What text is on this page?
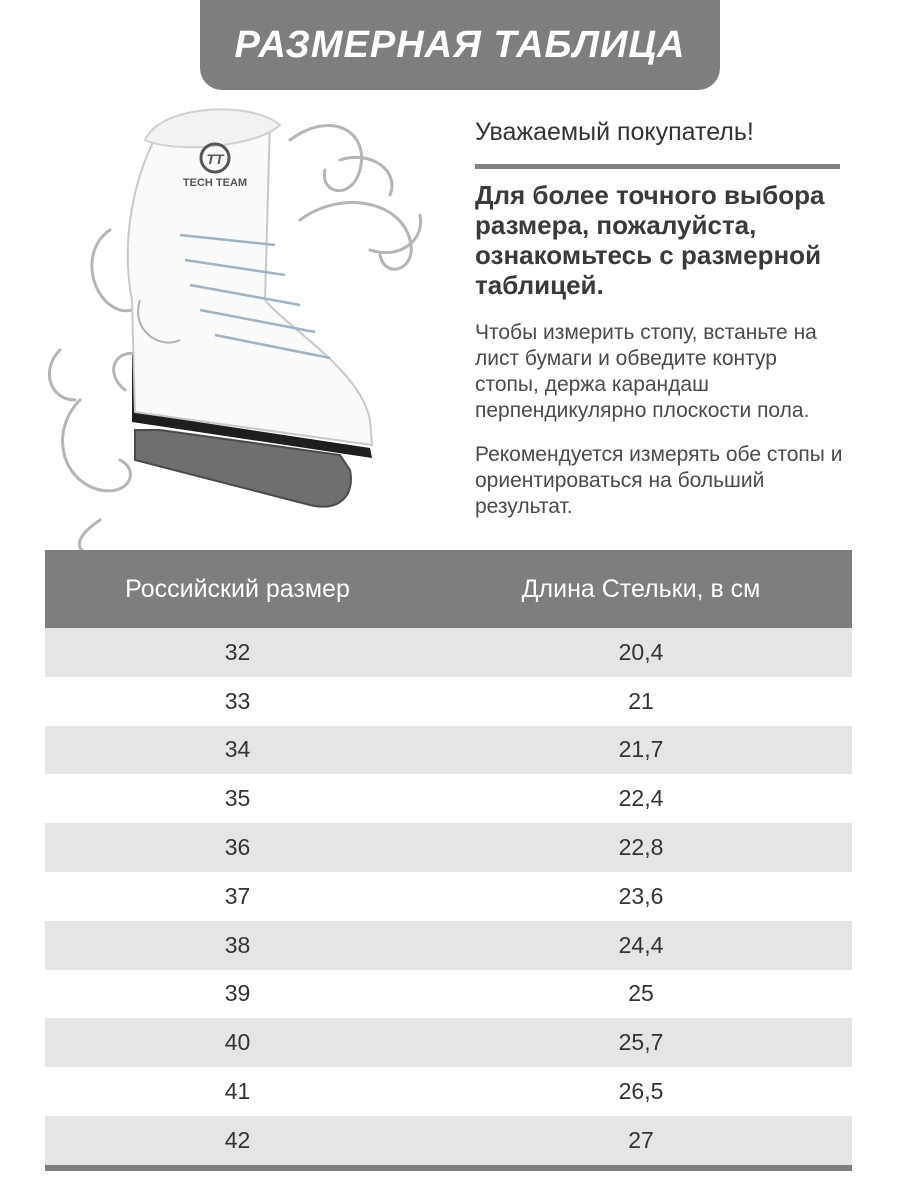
РАЗМЕРНАЯ ТАБЛИЦА
TT
TECH TEAM
Уважаемый покупатель!
Для более точного выбора размера, пожалуйста, ознакомьтесь с размерной таблицей.
Чтобы измерить стопу, встаньте на лист бумаги и обведите контур стопы, держа карандаш перпендикулярно плоскости пола.
Рекомендуется измерять обе стопы и ориентироваться на больший результат.
Российский размер	Длина Стельки, в см
32	20,4
33	21
34	21,7
35	22,4
36	22,8
37	23,6
38	24,4
39	25
40	25,7
41	26,5
42	27
